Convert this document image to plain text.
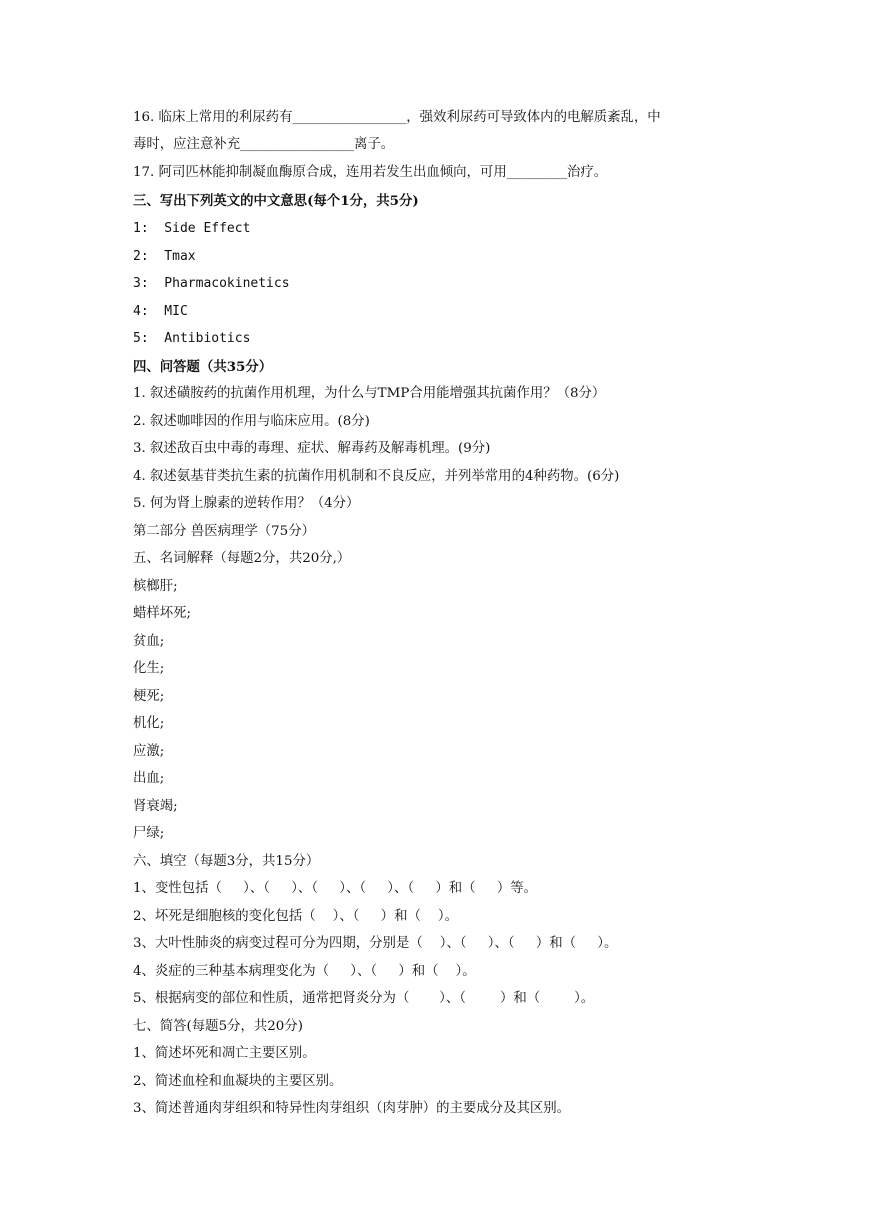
16. 临床上常用的利尿药有_________________，强效利尿药可导致体内的电解质紊乱，中
毒时，应注意补充_________________离子。
17. 阿司匹林能抑制凝血酶原合成，连用若发生出血倾向，可用_________治疗。
三、写出下列英文的中文意思(每个1分，共5分)
1:  Side Effect
2:  Tmax
3:  Pharmacokinetics
4:  MIC
5:  Antibiotics
四、问答题（共35分）
1. 叙述磺胺药的抗菌作用机理，为什么与TMP合用能增强其抗菌作用？（8分）
2. 叙述咖啡因的作用与临床应用。(8分)
3. 叙述敌百虫中毒的毒理、症状、解毒药及解毒机理。(9分)
4. 叙述氨基苷类抗生素的抗菌作用机制和不良反应，并列举常用的4种药物。(6分)
5. 何为肾上腺素的逆转作用？（4分）
第二部分 兽医病理学（75分）
五、名词解释（每题2分，共20分,）
槟榔肝;
蜡样坏死;
贫血;
化生;
梗死;
机化;
应激;
出血;
肾衰竭;
尸绿;
六、填空（每题3分，共15分）
1、变性包括（     ）、（     ）、（     ）、（     ）、（     ）和（     ）等。
2、坏死是细胞核的变化包括（    ）、（     ）和（    ）。
3、大叶性肺炎的病变过程可分为四期，分别是（    ）、（     ）、（     ）和（     ）。
4、炎症的三种基本病理变化为（     ）、（     ）和（    ）。
5、根据病变的部位和性质，通常把肾炎分为（       ）、（        ）和（        ）。
七、简答(每题5分，共20分)
1、简述坏死和凋亡主要区别。
2、简述血栓和血凝块的主要区别。
3、简述普通肉芽组织和特异性肉芽组织（肉芽肿）的主要成分及其区别。
